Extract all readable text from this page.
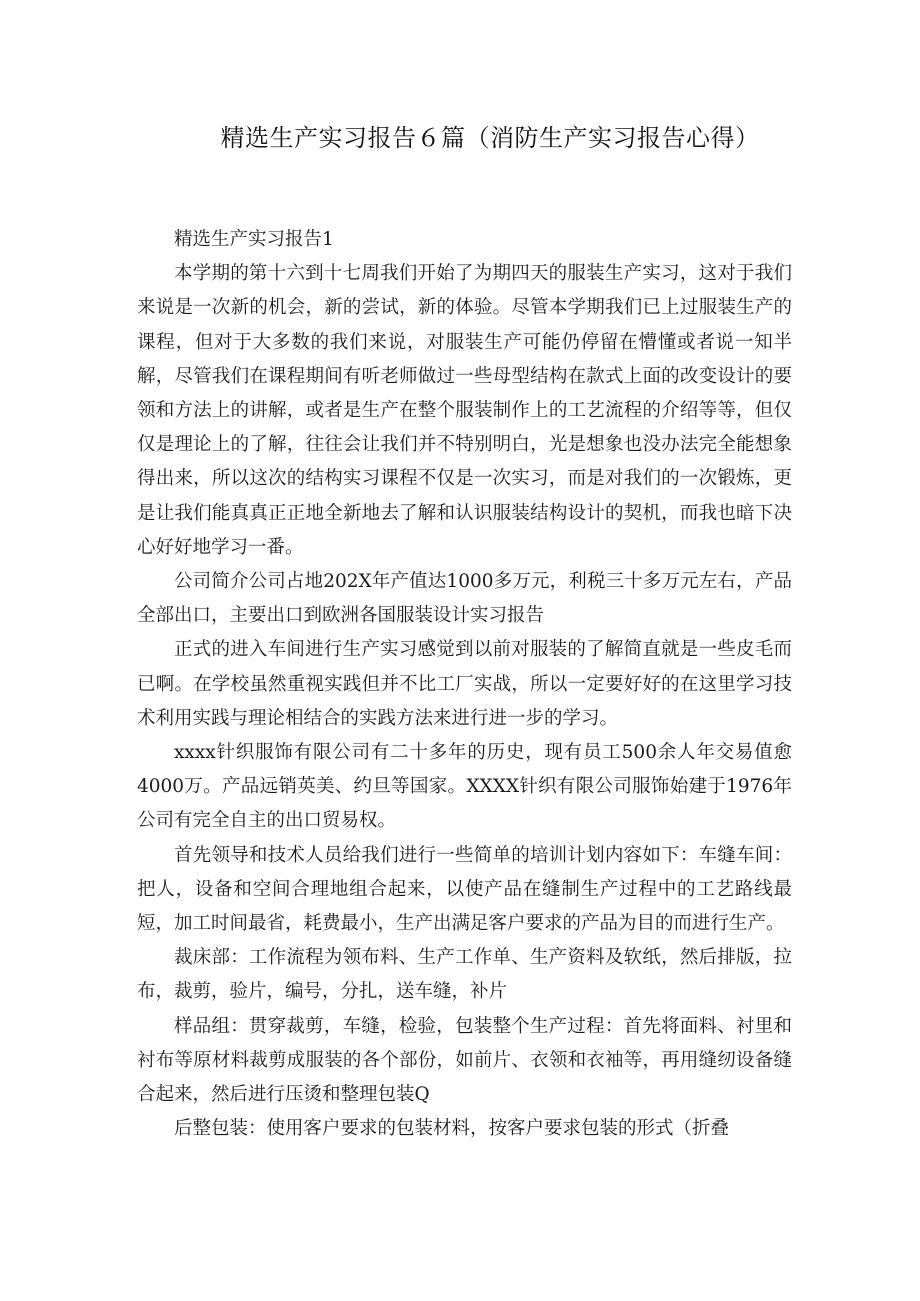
精选生产实习报告６篇（消防生产实习报告心得）

精选生产实习报告1

本学期的第十六到十七周我们开始了为期四天的服装生产实习，这对于我们来说是一次新的机会，新的尝试，新的体验。尽管本学期我们已上过服装生产的课程，但对于大多数的我们来说，对服装生产可能仍停留在懵懂或者说一知半解，尽管我们在课程期间有听老师做过一些母型结构在款式上面的改变设计的要领和方法上的讲解，或者是生产在整个服装制作上的工艺流程的介绍等等，但仅仅是理论上的了解，往往会让我们并不特别明白，光是想象也没办法完全能想象得出来，所以这次的结构实习课程不仅是一次实习，而是对我们的一次锻炼，更是让我们能真真正正地全新地去了解和认识服装结构设计的契机，而我也暗下决心好好地学习一番。

公司简介公司占地202X年产值达1000多万元，利税三十多万元左右，产品全部出口，主要出口到欧洲各国服装设计实习报告

正式的进入车间进行生产实习感觉到以前对服装的了解简直就是一些皮毛而已啊。在学校虽然重视实践但并不比工厂实战，所以一定要好好的在这里学习技术利用实践与理论相结合的实践方法来进行进一步的学习。

xxxx针织服饰有限公司有二十多年的历史，现有员工500余人年交易值愈4000万。产品远销英美、约旦等国家。XXXX针织有限公司服饰始建于1976年公司有完全自主的出口贸易权。

首先领导和技术人员给我们进行一些简单的培训计划内容如下：车缝车间：把人，设备和空间合理地组合起来，以使产品在缝制生产过程中的工艺路线最短，加工时间最省，耗费最小，生产出满足客户要求的产品为目的而进行生产。

裁床部：工作流程为领布料、生产工作单、生产资料及软纸，然后排版，拉布，裁剪，验片，编号，分扎，送车缝，补片

样品组：贯穿裁剪，车缝，检验，包装整个生产过程：首先将面料、衬里和衬布等原材料裁剪成服装的各个部份，如前片、衣领和衣袖等，再用缝纫设备缝合起来，然后进行压烫和整理包装Q

后整包装：使用客户要求的包装材料，按客户要求包装的形式（折叠
